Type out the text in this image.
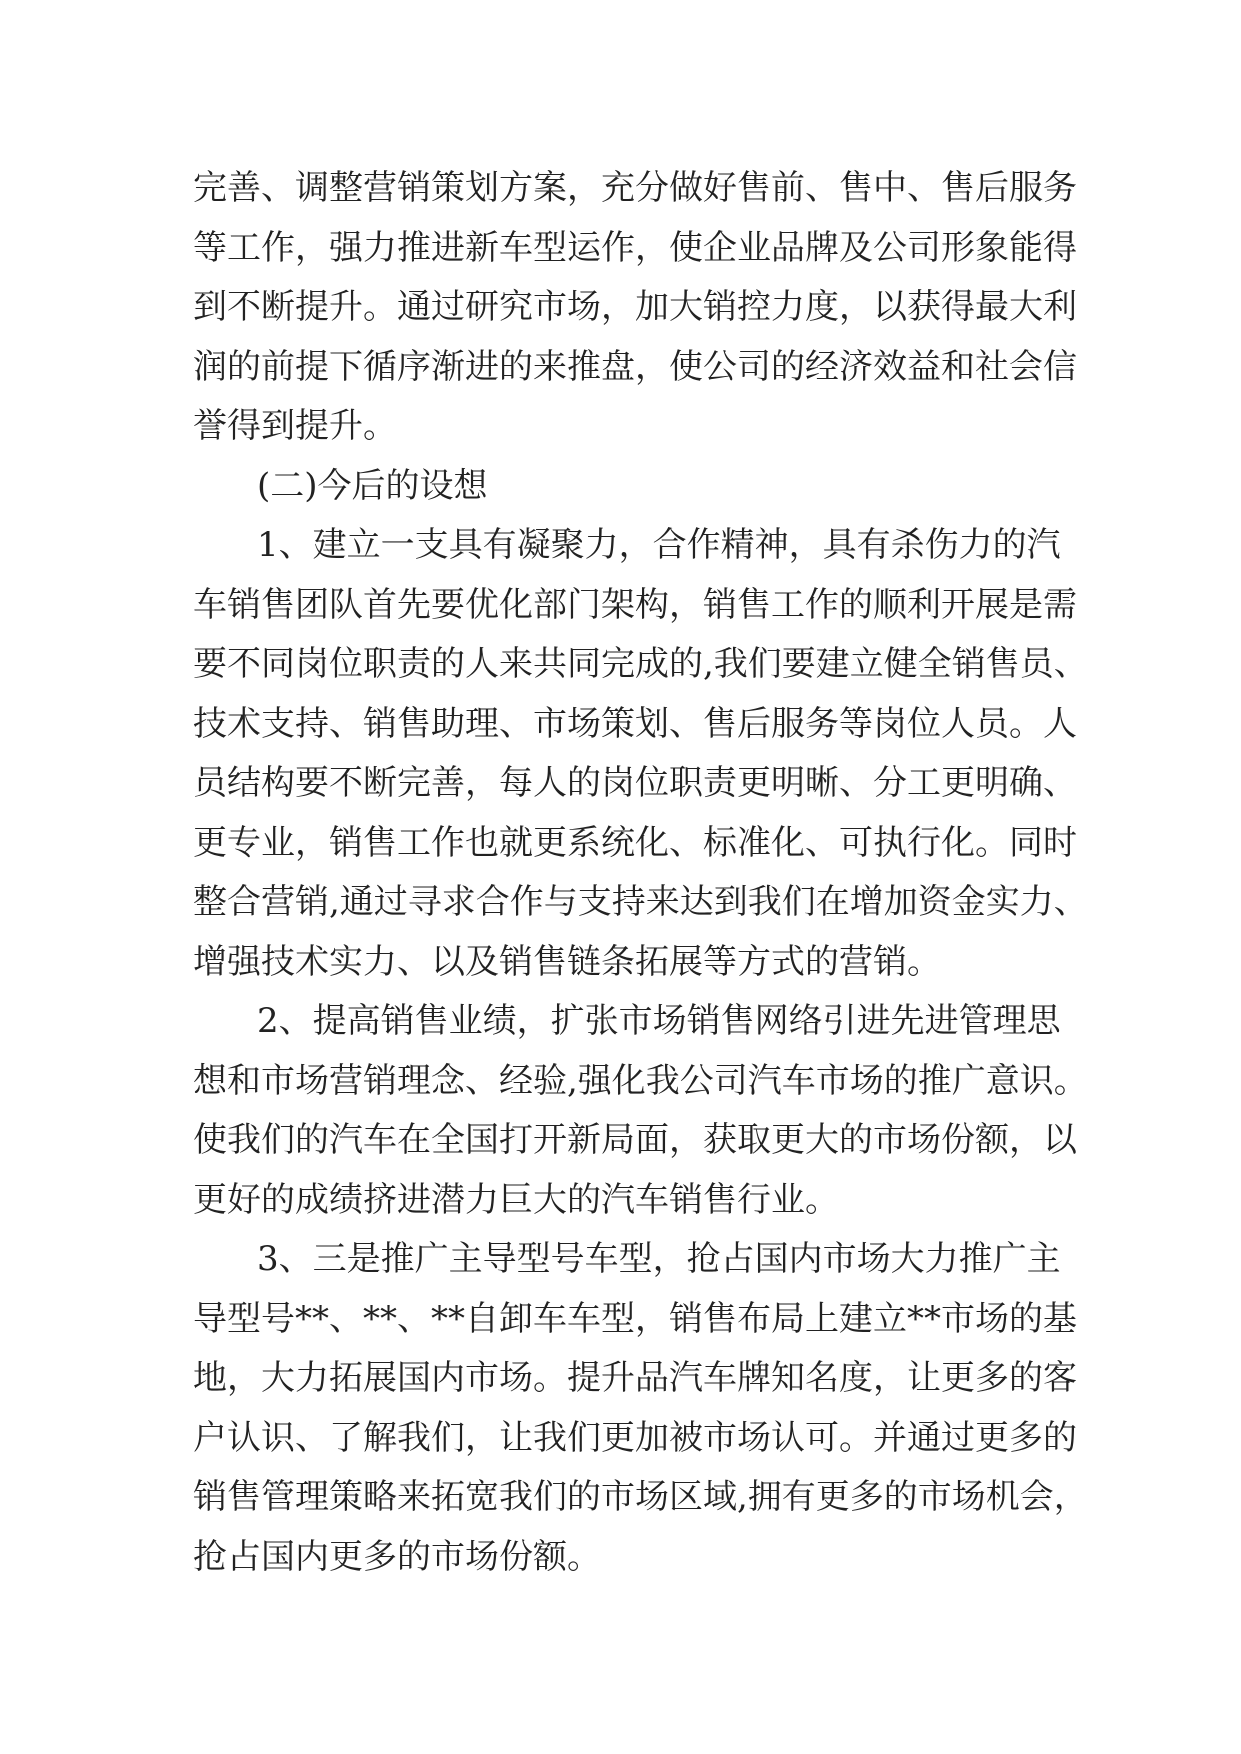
完善、调整营销策划方案，充分做好售前、售中、售后服务
等工作，强力推进新车型运作，使企业品牌及公司形象能得
到不断提升。通过研究市场，加大销控力度，以获得最大利
润的前提下循序渐进的来推盘，使公司的经济效益和社会信
誉得到提升。
(二)今后的设想
1、建立一支具有凝聚力，合作精神，具有杀伤力的汽
车销售团队首先要优化部门架构，销售工作的顺利开展是需
要不同岗位职责的人来共同完成的,我们要建立健全销售员、
技术支持、销售助理、市场策划、售后服务等岗位人员。人
员结构要不断完善，每人的岗位职责更明晰、分工更明确、
更专业，销售工作也就更系统化、标准化、可执行化。同时
整合营销,通过寻求合作与支持来达到我们在增加资金实力、
增强技术实力、以及销售链条拓展等方式的营销。
2、提高销售业绩，扩张市场销售网络引进先进管理思
想和市场营销理念、经验,强化我公司汽车市场的推广意识。
使我们的汽车在全国打开新局面，获取更大的市场份额，以
更好的成绩挤进潜力巨大的汽车销售行业。
3、三是推广主导型号车型，抢占国内市场大力推广主
导型号**、**、**自卸车车型，销售布局上建立**市场的基
地，大力拓展国内市场。提升品汽车牌知名度，让更多的客
户认识、了解我们，让我们更加被市场认可。并通过更多的
销售管理策略来拓宽我们的市场区域,拥有更多的市场机会，
抢占国内更多的市场份额。
